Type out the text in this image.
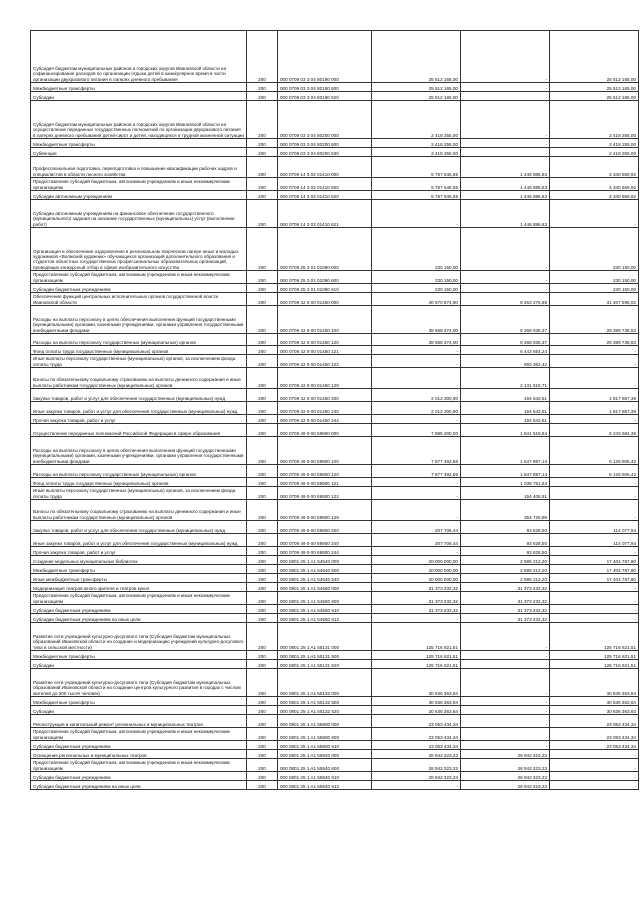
Субсидия бюджетам муниципальных районов и городских округов Ивановской области на софинансирование расходов по организации отдыха детей в каникулярное время в части организации двухразового питания в лагерях дневного пребывания	200	000 0709 03 3 04 80190 000	25 512 165,00	-	25 512 165,00
Межбюджетные трансферты	200	000 0709 03 3 04 80190 500	25 512 165,00	-	25 512 165,00
Субсидии	200	000 0709 03 3 04 80190 520	25 512 165,00	-	25 512 165,00
Субсидия бюджетам муниципальных районов и городских округов Ивановской области на осуществление переданных государственных полномочий по организации двухразового питания в лагерях дневного пребывания детей-сирот и детей, находящихся в трудной жизненной ситуации	200	000 0709 03 3 04 80200 000	2 418 255,00	-	2 418 255,00
Межбюджетные трансферты	200	000 0709 03 3 04 80200 500	2 418 255,00	-	2 418 255,00
Субвенции	200	000 0709 03 3 04 80200 530	2 418 255,00	-	2 418 255,00
Профессиональная подготовка, переподготовка и повышение квалификации рабочих кадров и специалистов в области лесного хозяйства	200	000 0709 14 3 02 01410 000	5 787 546,55	1 446 886,63	4 340 659,92
Предоставление субсидий бюджетным, автономным учреждениям и иным некоммерческим организациям	200	000 0709 14 3 02 01410 600	5 787 546,55	1 446 886,63	4 340 659,92
Субсидии автономным учреждениям	200	000 0709 14 3 02 01410 620	5 787 546,55	1 446 886,63	4 340 659,92
Субсидии автономным учреждениям на финансовое обеспечение государственного (муниципального) задания на оказание государственных (муниципальных) услуг (выполнение работ)	200	000 0709 14 3 02 01410 621	-	1 446 886,63	-
Организация и обеспечение оздоровления в региональном творческом лагере юных и молодых художников «Волжский художник» обучающихся организаций дополнительного образования и студентов областных государственных профессиональных образовательных организаций, проводящих конкурсный отбор в сфере изобразительного искусства	200	000 0709 25 3 01 01090 000	230 150,00	-	230 150,00
Предоставление субсидий бюджетным, автономным учреждениям и иным некоммерческим организациям	200	000 0709 25 3 01 01090 600	230 150,00	-	230 150,00
Субсидии бюджетным учреждениям	200	000 0709 25 3 01 01090 610	230 150,00	-	230 150,00
Обеспечение функций центральных исполнительных органов государственной власти Ивановской области	200	000 0709 42 9 00 01450 000	40 670 874,90	9 463 278,88	31 407 596,02
Расходы на выплаты персоналу в целях обеспечения выполнения функций государственными (муниципальными) органами, казенными учреждениями, органами управления государственными внебюджетными фондами	200	000 0709 42 9 00 01450 100	38 658 374,00	9 268 635,37	29 389 738,63
Расходы на выплаты персоналу государственных (муниципальных) органов	200	000 0709 42 9 00 01450 120	38 658 374,00	9 268 635,37	29 389 738,63
Фонд оплаты труда государственных (муниципальных) органов	200	000 0709 42 9 00 01450 121	-	6 443 654,24	-
Иные выплаты персоналу государственных (муниципальных) органов, за исключением фонда оплаты труда	200	000 0709 42 9 00 01450 122	-	693 362,42	-
Взносы по обязательному социальному страхованию на выплаты денежного содержания и иные выплаты работникам государственных (муниципальных) органов	200	000 0709 42 9 00 01450 129	-	2 131 618,71	-
Закупка товаров, работ и услуг для обеспечения государственных (муниципальных) нужд	200	000 0709 42 9 00 01450 200	2 012 300,90	194 643,51	1 817 657,39
Иные закупки товаров, работ и услуг для обеспечения государственных (муниципальных) нужд	200	000 0709 42 9 00 01450 240	2 012 300,90	194 643,51	1 817 657,39
Прочая закупка товаров, работ и услуг	200	000 0709 42 9 00 01450 244	-	194 643,51	-
Осуществление переданных полномочий Российской Федерации в сфере образования	200	000 0709 49 9 00 59900 000	7 885 200,00	1 641 515,64	6 243 684,36
Расходы на выплаты персоналу в целях обеспечения выполнения функций государственными (муниципальными) органами, казенными учреждениями, органами управления государственными внебюджетными фондами	200	000 0709 49 9 00 59900 100	7 677 492,56	1 547 887,14	6 129 605,42
Расходы на выплаты персоналу государственных (муниципальных) органов	200	000 0709 49 9 00 59900 120	7 677 492,56	1 547 887,14	6 129 605,42
Фонд оплаты труда государственных (муниципальных) органов	200	000 0709 49 9 00 59900 121	-	1 038 751,64	-
Иные выплаты персоналу государственных (муниципальных) органов, за исключением фонда оплаты труда	200	000 0709 49 9 00 59900 122	-	154 408,61	-
Взносы по обязательному социальному страхованию на выплаты денежного содержания и иные выплаты работникам государственных (муниципальных) органов	200	000 0709 49 9 00 59900 129	-	354 726,89	-
Закупка товаров, работ и услуг для обеспечения государственных (муниципальных) нужд	200	000 0709 49 9 00 59900 200	207 706,44	93 628,50	114 077,94
Иные закупки товаров, работ и услуг для обеспечения государственных (муниципальных) нужд	200	000 0709 49 9 00 59900 240	207 706,44	93 628,50	114 077,94
Прочая закупка товаров, работ и услуг	200	000 0709 49 9 00 59900 244	-	93 628,50	-
Создание модельных муниципальных библиотек	200	000 0801 25 1 A1 54540 000	20 000 000,00	2 595 212,20	17 404 787,80
Межбюджетные трансферты	200	000 0801 25 1 A1 54540 500	20 000 000,00	2 595 212,20	17 404 787,80
Иные межбюджетные трансферты	200	000 0801 25 1 A1 54540 540	20 000 000,00	2 595 212,20	17 404 787,80
Модернизация театров юного зрителя и театров кукол	200	000 0801 25 1 A1 54560 000	31 373 232,32	31 373 232,32	-
Предоставление субсидий бюджетным, автономным учреждениям и иным некоммерческим организациям	200	000 0801 25 1 A1 54560 600	31 373 232,32	31 373 232,32	-
Субсидии бюджетным учреждениям	200	000 0801 25 1 A1 54560 610	31 373 232,32	31 373 232,32	-
Субсидии бюджетным учреждениям на иные цели	200	000 0801 25 1 A1 54560 612	-	31 373 232,32	-
Развитие сети учреждений культурно-досугового типа (Субсидия бюджетам муниципальных образований Ивановской области на создание и модернизацию учреждений культурно-досугового типа в сельской местности)	200	000 0801 25 1 A1 55131 000	125 716 621,51	-	125 716 621,51
Межбюджетные трансферты	200	000 0801 25 1 A1 55131 500	125 716 621,51	-	125 716 621,51
Субсидии	200	000 0801 25 1 A1 55131 520	125 716 621,51	-	125 716 621,51
Развитие сети учреждений культурно-досугового типа (Субсидия бюджетам муниципальных образований Ивановской области на создание центров культурного развития в городах с числом жителей до 300 тысяч человек)	200	000 0801 25 1 A1 55132 000	30 636 363,64	-	30 636 363,64
Межбюджетные трансферты	200	000 0801 25 1 A1 55132 500	30 636 363,64	-	30 636 363,64
Субсидии	200	000 0801 25 1 A1 55132 520	30 636 363,64	-	30 636 363,64
Реконструкция и капитальный ремонт региональных и муниципальных театров	200	000 0801 25 1 A1 55800 000	23 053 434,34	-	23 053 434,34
Предоставление субсидий бюджетным, автономным учреждениям и иным некоммерческим организациям	200	000 0801 25 1 A1 55800 600	23 053 434,34	-	23 053 434,34
Субсидии бюджетным учреждениям	200	000 0801 25 1 A1 55800 610	23 053 434,34	-	23 053 434,34
Оснащение региональных и муниципальных театров	200	000 0801 25 1 A1 55840 000	28 942 323,23	28 942 323,23	-
Предоставление субсидий бюджетным, автономным учреждениям и иным некоммерческим организациям	200	000 0801 25 1 A1 55840 600	28 942 323,23	28 942 323,23	-
Субсидии бюджетным учреждениям	200	000 0801 25 1 A1 55840 610	28 942 323,23	28 942 323,23	-
Субсидии бюджетным учреждениям на иные цели	200	000 0801 25 1 A1 55840 612	-	28 942 323,23	-
